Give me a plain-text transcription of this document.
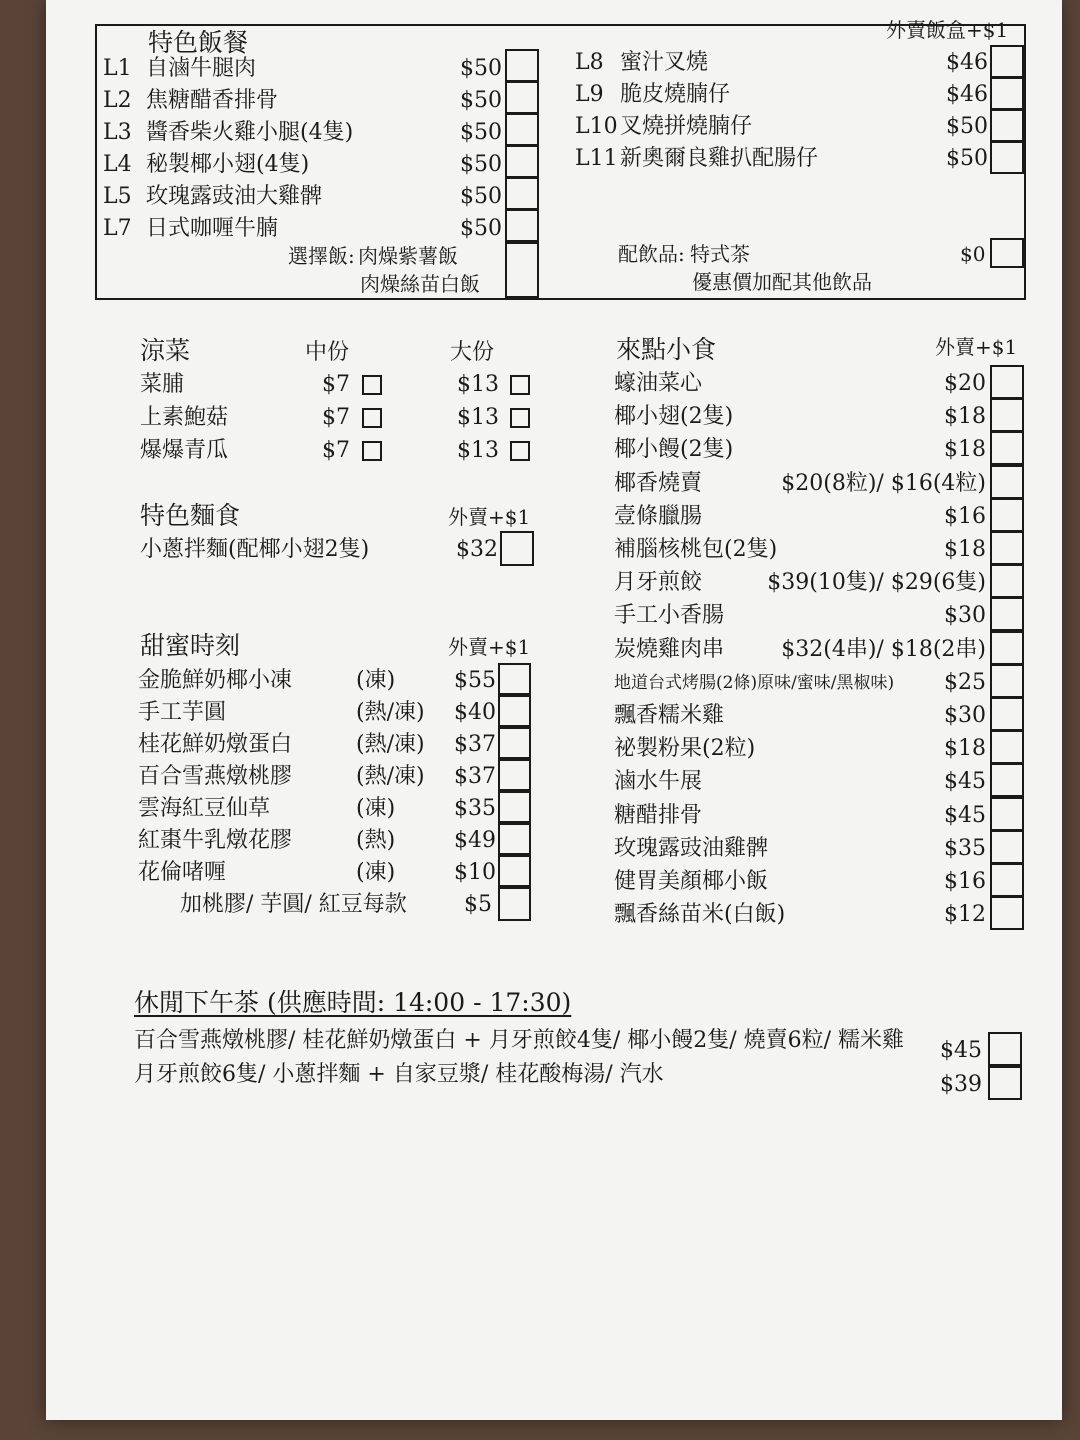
特色飯餐	外賣飯盒+$1
L1 自滷牛腿肉	$50
L2 焦糖醋香排骨	$50
L3 醬香柴火雞小腿(4隻)	$50
L4 秘製椰小翅(4隻)	$50
L5 玫瑰露豉油大雞髀	$50
L7 日式咖喱牛腩	$50
L8 蜜汁叉燒	$46
L9 脆皮燒腩仔	$46
L10 叉燒拼燒腩仔	$50
L11 新奧爾良雞扒配腸仔	$50
選擇飯: 肉燥紫薯飯
肉燥絲苗白飯
配飲品: 特式茶	$0
優惠價加配其他飲品
涼菜	中份	大份
菜脯	$7	$13
上素鮑菇	$7	$13
爆爆青瓜	$7	$13
特色麵食	外賣+$1
小蔥拌麵(配椰小翅2隻)	$32
甜蜜時刻	外賣+$1
金脆鮮奶椰小凍	(凍)	$55
手工芋圓	(熱/凍) $40
桂花鮮奶燉蛋白	(熱/凍) $37
百合雪燕燉桃膠	(熱/凍) $37
雲海紅豆仙草	(凍)	$35
紅棗牛乳燉花膠	(熱)	$49
花倫啫喱	(凍)	$10
加桃膠/ 芋圓/ 紅豆每款	$5
來點小食	外賣+$1
蠔油菜心	$20
椰小翅(2隻)	$18
椰小饅(2隻)	$18
椰香燒賣	$20(8粒)/ $16(4粒)
壹條臘腸	$16
補腦核桃包(2隻)	$18
月牙煎餃	$39(10隻)/ $29(6隻)
手工小香腸	$30
炭燒雞肉串	$32(4串)/ $18(2串)
地道台式烤腸(2條)原味/蜜味/黑椒味) $25
飄香糯米雞	$30
祕製粉果(2粒)	$18
滷水牛展	$45
糖醋排骨	$45
玫瑰露豉油雞髀	$35
健胃美顏椰小飯	$16
飄香絲苗米(白飯)	$12
休閒下午茶 (供應時間: 14:00 - 17:30)
百合雪燕燉桃膠/ 桂花鮮奶燉蛋白 + 月牙煎餃4隻/ 椰小饅2隻/ 燒賣6粒/ 糯米雞 $45
月牙煎餃6隻/ 小蔥拌麵 + 自家豆漿/ 桂花酸梅湯/ 汽水	$39
